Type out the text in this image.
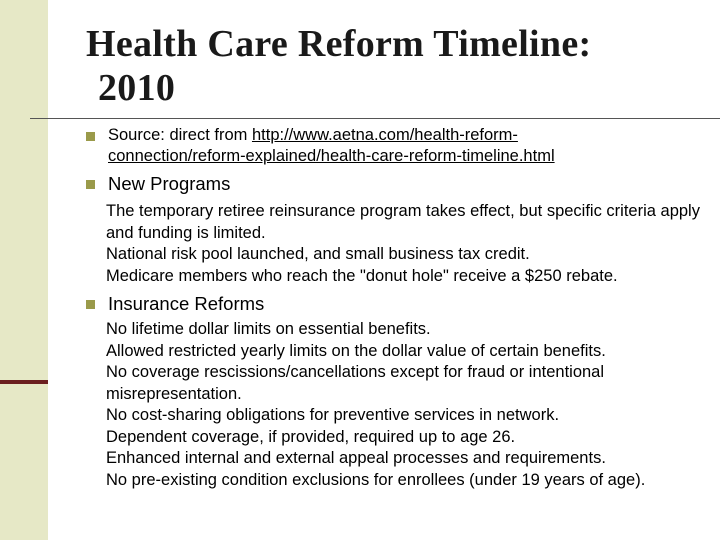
Health Care Reform Timeline:
2010
Source: direct from http://www.aetna.com/health-reform-
connection/reform-explained/health-care-reform-timeline.html
New Programs
The temporary retiree reinsurance program takes effect, but specific criteria apply and funding is limited.
National risk pool launched, and small business tax credit.
Medicare members who reach the "donut hole" receive a $250 rebate.
Insurance Reforms
No lifetime dollar limits on essential benefits.
Allowed restricted yearly limits on the dollar value of certain benefits.
No coverage rescissions/cancellations except for fraud or intentional misrepresentation.
No cost-sharing obligations for preventive services in network.
Dependent coverage, if provided, required up to age 26.
Enhanced internal and external appeal processes and requirements.
No pre-existing condition exclusions for enrollees (under 19 years of age).
